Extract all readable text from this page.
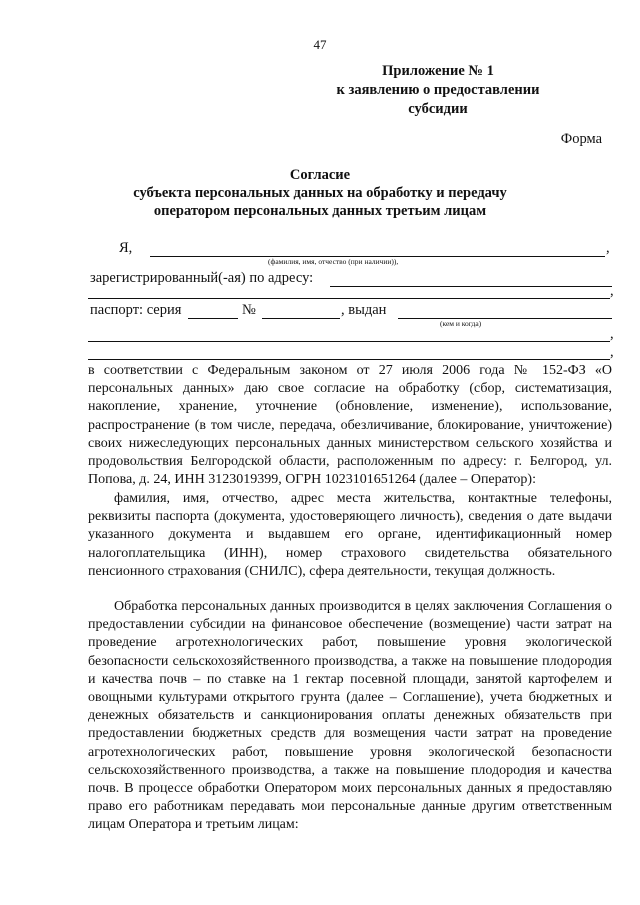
47
Приложение № 1
к заявлению о предоставлении
субсидии
Форма
Согласие
субъекта персональных данных на обработку и передачу
оператором персональных данных третьим лицам
Я,	,
(фамилия, имя, отчество (при наличии)),
зарегистрированный(-ая) по адресу:
,
паспорт: серия	№	, выдан
(кем и когда)
,
,
в соответствии с Федеральным законом от 27 июля 2006 года № 152-ФЗ «О персональных данных» даю свое согласие на обработку (сбор, систематизация, накопление, хранение, уточнение (обновление, изменение), использование, распространение (в том числе, передача, обезличивание, блокирование, уничтожение) своих нижеследующих персональных данных министерством сельского хозяйства и продовольствия Белгородской области, расположенным по адресу: г. Белгород, ул. Попова, д. 24, ИНН 3123019399, ОГРН 1023101651264 (далее – Оператор):
фамилия, имя, отчество, адрес места жительства, контактные телефоны, реквизиты паспорта (документа, удостоверяющего личность), сведения о дате выдачи указанного документа и выдавшем его органе, идентификационный номер налогоплательщика (ИНН), номер страхового свидетельства обязательного пенсионного страхования (СНИЛС), сфера деятельности, текущая должность.
Обработка персональных данных производится в целях заключения Соглашения о предоставлении субсидии на финансовое обеспечение (возмещение) части затрат на проведение агротехнологических работ, повышение уровня экологической безопасности сельскохозяйственного производства, а также на повышение плодородия и качества почв – по ставке на 1 гектар посевной площади, занятой картофелем и овощными культурами открытого грунта (далее – Соглашение), учета бюджетных и денежных обязательств и санкционирования оплаты денежных обязательств при предоставлении бюджетных средств для возмещения части затрат на проведение агротехнологических работ, повышение уровня экологической безопасности сельскохозяйственного производства, а также на повышение плодородия и качества почв. В процессе обработки Оператором моих персональных данных я предоставляю право его работникам передавать мои персональные данные другим ответственным лицам Оператора и третьим лицам:
